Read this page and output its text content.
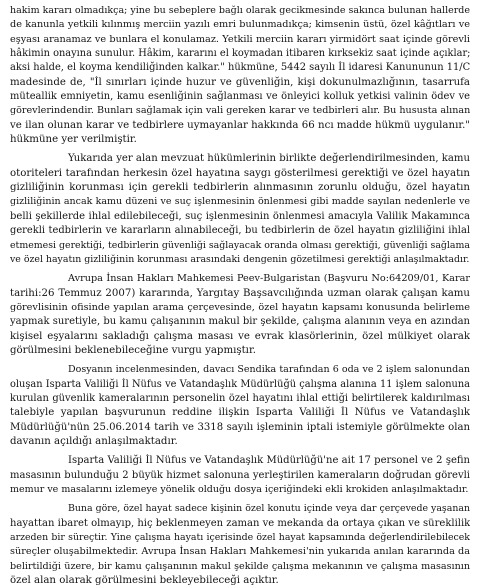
hakim kararı olmadıkça; yine bu sebeplere bağlı olarak gecikmesinde sakınca bulunan hallerde
de kanunla yetkili kılınmış merciin yazılı emri bulunmadıkça; kimsenin üstü, özel kâğıtları ve
eşyası aranamaz ve bunlara el konulamaz. Yetkili merciin kararı yirmidört saat içinde görevli
hâkimin onayına sunulur. Hâkim, kararını el koymadan itibaren kırksekiz saat içinde açıklar;
aksi halde, el koyma kendiliğinden kalkar." hükmüne, 5442 sayılı İl idaresi Kanununun 11/C
madesinde de, "İl sınırları içinde huzur ve güvenliğin, kişi dokunulmazlığının, tasarrufa
müteallik emniyetin, kamu esenliğinin sağlanması ve önleyici kolluk yetkisi valinin ödev ve
görevlerindendir. Bunları sağlamak için vali gereken karar ve tedbirleri alır. Bu hususta alınan
ve ilan olunan karar ve tedbirlere uymayanlar hakkında 66 ncı madde hükmü uygulanır."
hükmüne yer verilmiştir.
Yukarıda yer alan mevzuat hükümlerinin birlikte değerlendirilmesinden, kamu
otoriteleri tarafından herkesin özel hayatına saygı gösterilmesi gerektiği ve özel hayatın
gizliliğinin korunması için gerekli tedbirlerin alınmasının zorunlu olduğu, özel hayatın
gizliliğinin ancak kamu düzeni ve suç işlenmesinin önlenmesi gibi madde sayılan nedenlerle ve
belli şekillerde ihlal edilebileceği, suç işlenmesinin önlenmesi amacıyla Valilik Makamınca
gerekli tedbirlerin ve kararların alınabileceği, bu tedbirlerin de özel hayatın gizliliğini ihlal
etmemesi gerektiği, tedbirlerin güvenliği sağlayacak oranda olması gerektiği, güvenliği sağlama
ve özel hayatın gizliliğinin korunması arasındaki dengenin gözetilmesi gerektiği anlaşılmaktadır.
Avrupa İnsan Hakları Mahkemesi Peev-Bulgaristan (Başvuru No:64209/01, Karar
tarihi:26 Temmuz 2007) kararında, Yargıtay Başsavcılığında uzman olarak çalışan kamu
görevlisinin ofisinde yapılan arama çerçevesinde, özel hayatın kapsamı konusunda belirleme
yapmak suretiyle, bu kamu çalışanının makul bir şekilde, çalışma alanının veya en azından
kişisel eşyalarını sakladığı çalışma masası ve evrak klasörlerinin, özel mülkiyet olarak
görülmesini beklenebileceğine vurgu yapmıştır.
Dosyanın incelenmesinden, davacı Sendika tarafından 6 oda ve 2 işlem salonundan
oluşan Isparta Valiliği İl Nüfus ve Vatandaşlık Müdürlüğü çalışma alanına 11 işlem salonuna
kurulan güvenlik kameralarının personelin özel hayatını ihlal ettiği belirtilerek kaldırılması
talebiyle yapılan başvurunun reddine ilişkin Isparta Valiliği İl Nüfus ve Vatandaşlık
Müdürlüğü'nün 25.06.2014 tarih ve 3318 sayılı işleminin iptali istemiyle görülmekte olan
davanın açıldığı anlaşılmaktadır.
Isparta Valiliği İl Nüfus ve Vatandaşlık Müdürlüğü'ne ait 17 personel ve 2 şefin
masasının bulunduğu 2 büyük hizmet salonuna yerleştirilen kameraların doğrudan görevli
memur ve masalarını izlemeye yönelik olduğu dosya içeriğindeki ekli krokiden anlaşılmaktadır.
Buna göre, özel hayat sadece kişinin özel konutu içinde veya dar çerçevede yaşanan
hayattan ibaret olmayıp, hiç beklenmeyen zaman ve mekanda da ortaya çıkan ve süreklilik
arzeden bir süreçtir. Yine çalışma hayatı içerisinde özel hayat kapsamında değerlendirilebilecek
süreçler oluşabilmektedir. Avrupa İnsan Hakları Mahkemesi'nin yukarıda anılan kararında da
belirtildiği üzere, bir kamu çalışanının makul şekilde çalışma mekanının ve çalışma masasının
özel alan olarak görülmesini bekleyebileceği açıktır.
